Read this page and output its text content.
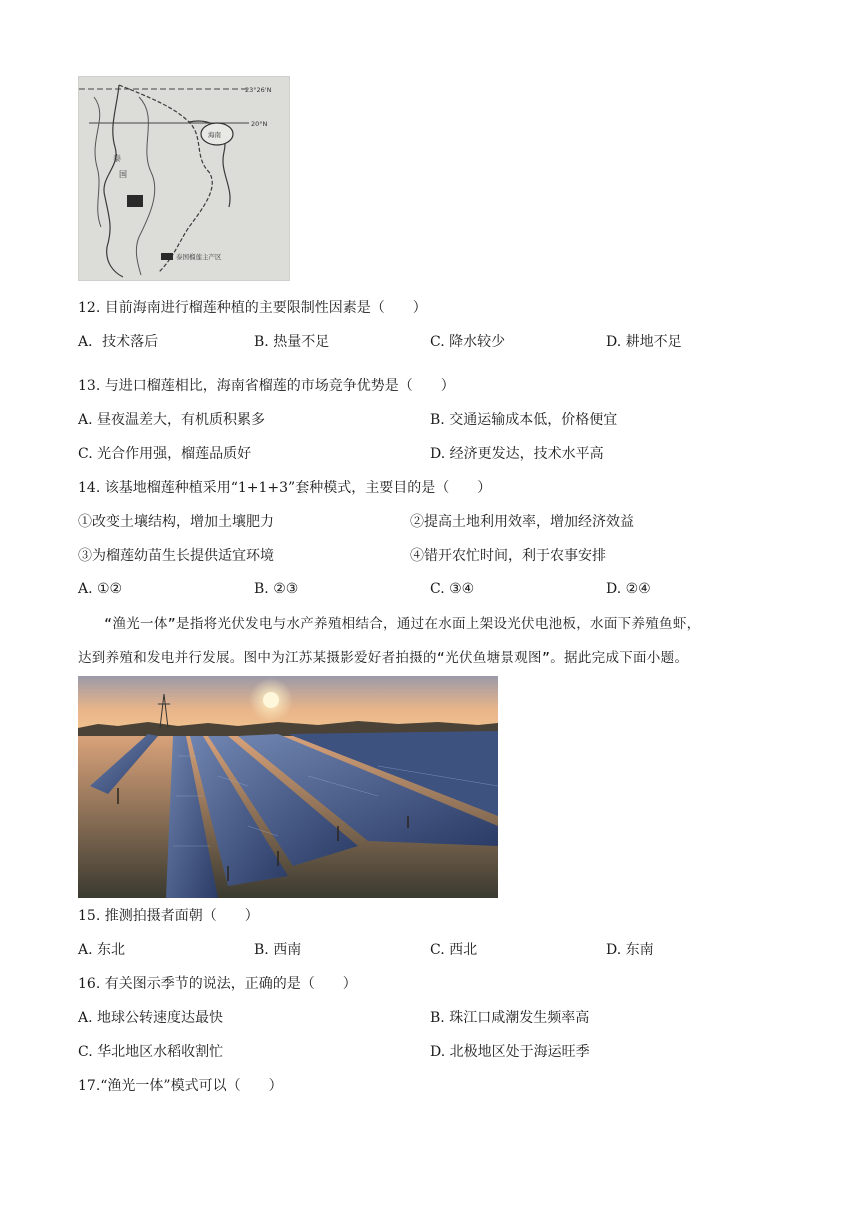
23°26'N
20°N
海南
泰
国
泰国榴莲主产区
12. 目前海南进行榴莲种植的主要限制性因素是（　　）
A．技术落后	B. 热量不足	C. 降水较少	D. 耕地不足
13. 与进口榴莲相比，海南省榴莲的市场竞争优势是（　　）
A. 昼夜温差大，有机质积累多	B. 交通运输成本低，价格便宜
C. 光合作用强，榴莲品质好	D. 经济更发达，技术水平高
14. 该基地榴莲种植采用“1+1+3”套种模式，主要目的是（　　）
①改变土壤结构，增加土壤肥力	②提高土地利用效率，增加经济效益
③为榴莲幼苗生长提供适宜环境	④错开农忙时间，利于农事安排
A. ①②	B. ②③	C. ③④	D. ②④
“渔光一体”是指将光伏发电与水产养殖相结合，通过在水面上架设光伏电池板，水面下养殖鱼虾，
达到养殖和发电并行发展。图中为江苏某摄影爱好者拍摄的“光伏鱼塘景观图”。据此完成下面小题。
15. 推测拍摄者面朝（　　）
A. 东北	B. 西南	C. 西北	D. 东南
16. 有关图示季节的说法，正确的是（　　）
A. 地球公转速度达最快	B. 珠江口咸潮发生频率高
C. 华北地区水稻收割忙	D. 北极地区处于海运旺季
17.“渔光一体”模式可以（　　）
